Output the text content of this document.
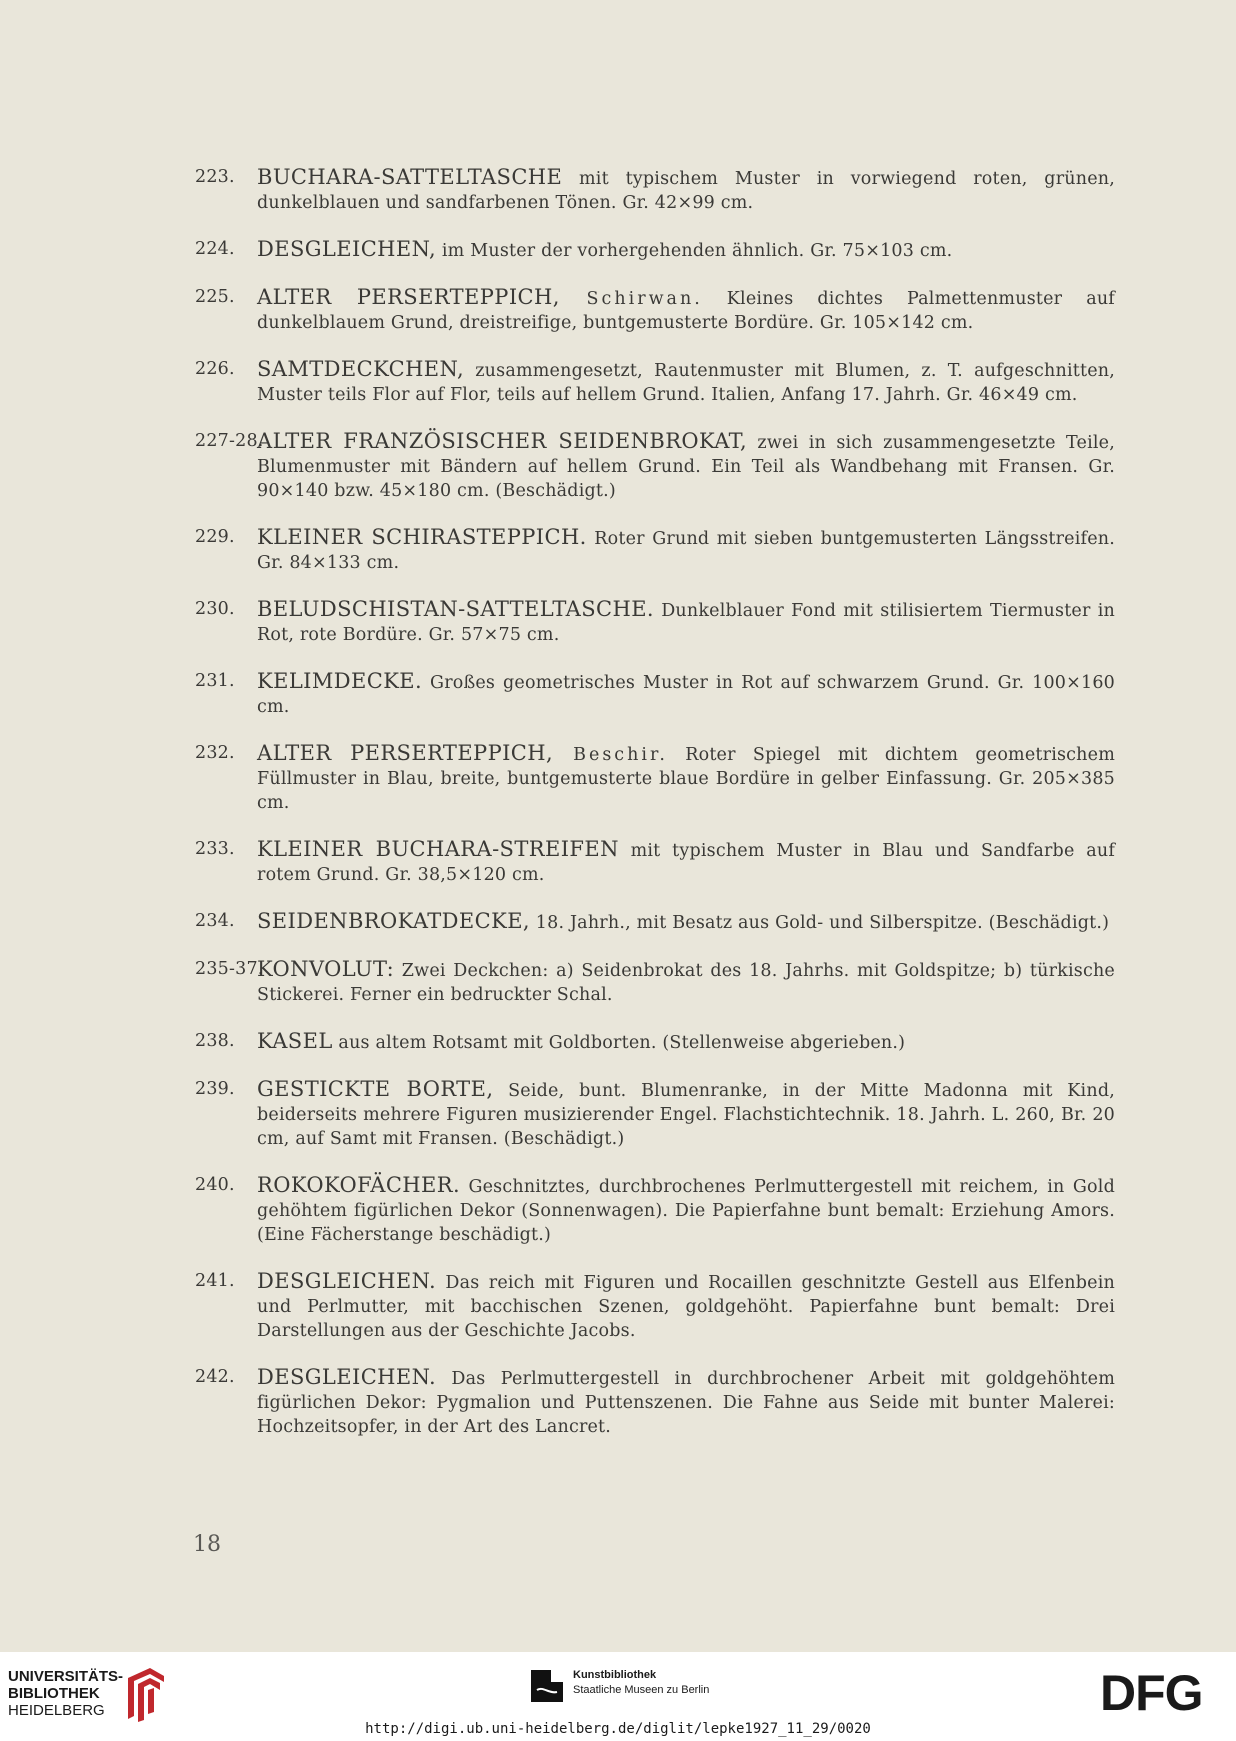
223. BUCHARA-SATTELTASCHE mit typischem Muster in vorwiegend roten, grünen, dunkelblauen und sandfarbenen Tönen. Gr. 42×99 cm.
224. DESGLEICHEN, im Muster der vorhergehenden ähnlich. Gr. 75×103 cm.
225. ALTER PERSERTEPPICH, Schirwan. Kleines dichtes Palmettenmuster auf dunkelblauem Grund, dreistreifige, buntgemusterte Bordüre. Gr. 105×142 cm.
226. SAMTDECKCHEN, zusammengesetzt, Rautenmuster mit Blumen, z. T. aufgeschnitten, Muster teils Flor auf Flor, teils auf hellem Grund. Italien, Anfang 17. Jahrh. Gr. 46×49 cm.
227-28.
ALTER FRANZÖSISCHER SEIDENBROKAT, zwei in sich zusammengesetzte Teile, Blumenmuster mit Bändern auf hellem Grund. Ein Teil als Wandbehang mit Fransen. Gr. 90×140 bzw. 45×180 cm. (Beschädigt.)
229. KLEINER SCHIRASTEPPICH. Roter Grund mit sieben buntgemusterten Längsstreifen. Gr. 84×133 cm.
230. BELUDSCHISTAN-SATTELTASCHE. Dunkelblauer Fond mit stilisiertem Tiermuster in Rot, rote Bordüre. Gr. 57×75 cm.
231. KELIMDECKE. Großes geometrisches Muster in Rot auf schwarzem Grund. Gr. 100×160 cm.
232. ALTER PERSERTEPPICH, Beschir. Roter Spiegel mit dichtem geometrischem Füllmuster in Blau, breite, buntgemusterte blaue Bordüre in gelber Einfassung. Gr. 205×385 cm.
233. KLEINER BUCHARA-STREIFEN mit typischem Muster in Blau und Sandfarbe auf rotem Grund. Gr. 38,5×120 cm.
234. SEIDENBROKATDECKE, 18. Jahrh., mit Besatz aus Gold- und Silberspitze. (Beschädigt.)
235-37.
KONVOLUT: Zwei Deckchen: a) Seidenbrokat des 18. Jahrhs. mit Goldspitze; b) türkische Stickerei. Ferner ein bedruckter Schal.
238. KASEL aus altem Rotsamt mit Goldborten. (Stellenweise abgerieben.)
239. GESTICKTE BORTE, Seide, bunt. Blumenranke, in der Mitte Madonna mit Kind, beiderseits mehrere Figuren musizierender Engel. Flachstichtechnik. 18. Jahrh. L. 260, Br. 20 cm, auf Samt mit Fransen. (Beschädigt.)
240. ROKOKOFÄCHER. Geschnitztes, durchbrochenes Perlmuttergestell mit reichem, in Gold gehöhtem figürlichen Dekor (Sonnenwagen). Die Papierfahne bunt bemalt: Erziehung Amors. (Eine Fächerstange beschädigt.)
241. DESGLEICHEN. Das reich mit Figuren und Rocaillen geschnitzte Gestell aus Elfenbein und Perlmutter, mit bacchischen Szenen, goldgehöht. Papierfahne bunt bemalt: Drei Darstellungen aus der Geschichte Jacobs.
242. DESGLEICHEN. Das Perlmuttergestell in durchbrochener Arbeit mit goldgehöhtem figürlichen Dekor: Pygmalion und Puttenszenen. Die Fahne aus Seide mit bunter Malerei: Hochzeitsopfer, in der Art des Lancret.
18
UNIVERSITÄTS-
BIBLIOTHEK
HEIDELBERG
Kunstbibliothek
Staatliche Museen zu Berlin	DFG
http://digi.ub.uni-heidelberg.de/diglit/lepke1927_11_29/0020
